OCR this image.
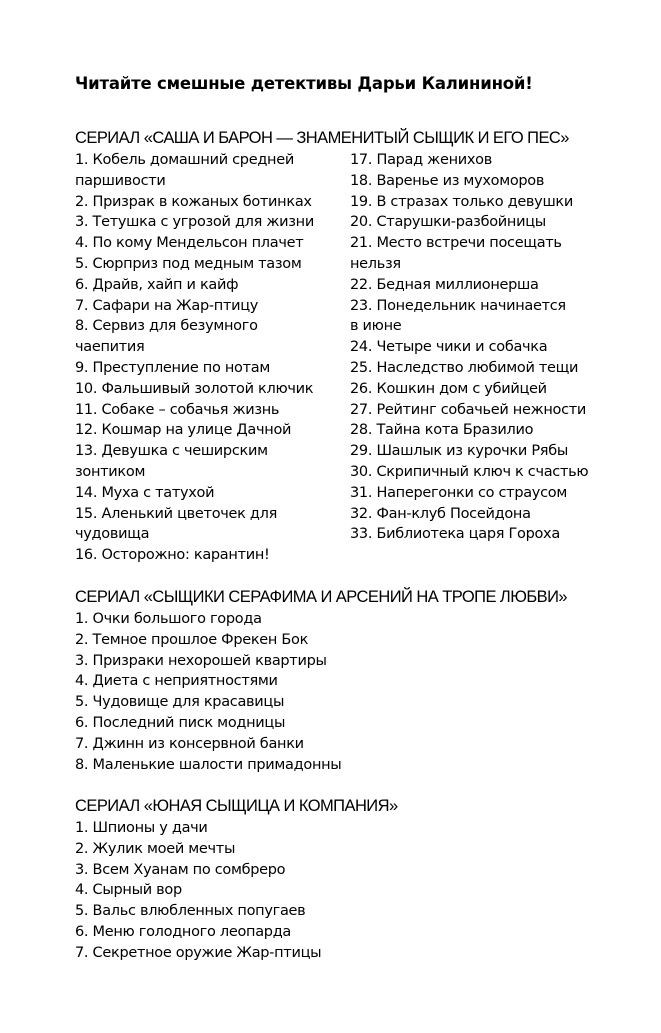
Читайте смешные детективы Дарьи Калининой!
СЕРИАЛ «САША И БАРОН — ЗНАМЕНИТЫЙ СЫЩИК И ЕГО ПЕС»
1. Кобель домашний средней
паршивости
2. Призрак в кожаных ботинках
3. Тетушка с угрозой для жизни
4. По кому Мендельсон плачет
5. Сюрприз под медным тазом
6. Драйв, хайп и кайф
7. Сафари на Жар-птицу
8. Сервиз для безумного
чаепития
9. Преступление по нотам
10. Фальшивый золотой ключик
11. Собаке – собачья жизнь
12. Кошмар на улице Дачной
13. Девушка с чеширским
зонтиком
14. Муха с татухой
15. Аленький цветочек для
чудовища
16. Осторожно: карантин!
17. Парад женихов
18. Варенье из мухоморов
19. В стразах только девушки
20. Старушки-разбойницы
21. Место встречи посещать
нельзя
22. Бедная миллионерша
23. Понедельник начинается
в июне
24. Четыре чики и собачка
25. Наследство любимой тещи
26. Кошкин дом с убийцей
27. Рейтинг собачьей нежности
28. Тайна кота Бразилио
29. Шашлык из курочки Рябы
30. Скрипичный ключ к счастью
31. Наперегонки со страусом
32. Фан-клуб Посейдона
33. Библиотека царя Гороха
СЕРИАЛ «СЫЩИКИ СЕРАФИМА И АРСЕНИЙ НА ТРОПЕ ЛЮБВИ»
1. Очки большого города
2. Темное прошлое Фрекен Бок
3. Призраки нехорошей квартиры
4. Диета с неприятностями
5. Чудовище для красавицы
6. Последний писк модницы
7. Джинн из консервной банки
8. Маленькие шалости примадонны
СЕРИАЛ «ЮНАЯ СЫЩИЦА И КОМПАНИЯ»
1. Шпионы у дачи
2. Жулик моей мечты
3. Всем Хуанам по сомбреро
4. Сырный вор
5. Вальс влюбленных попугаев
6. Меню голодного леопарда
7. Секретное оружие Жар-птицы
